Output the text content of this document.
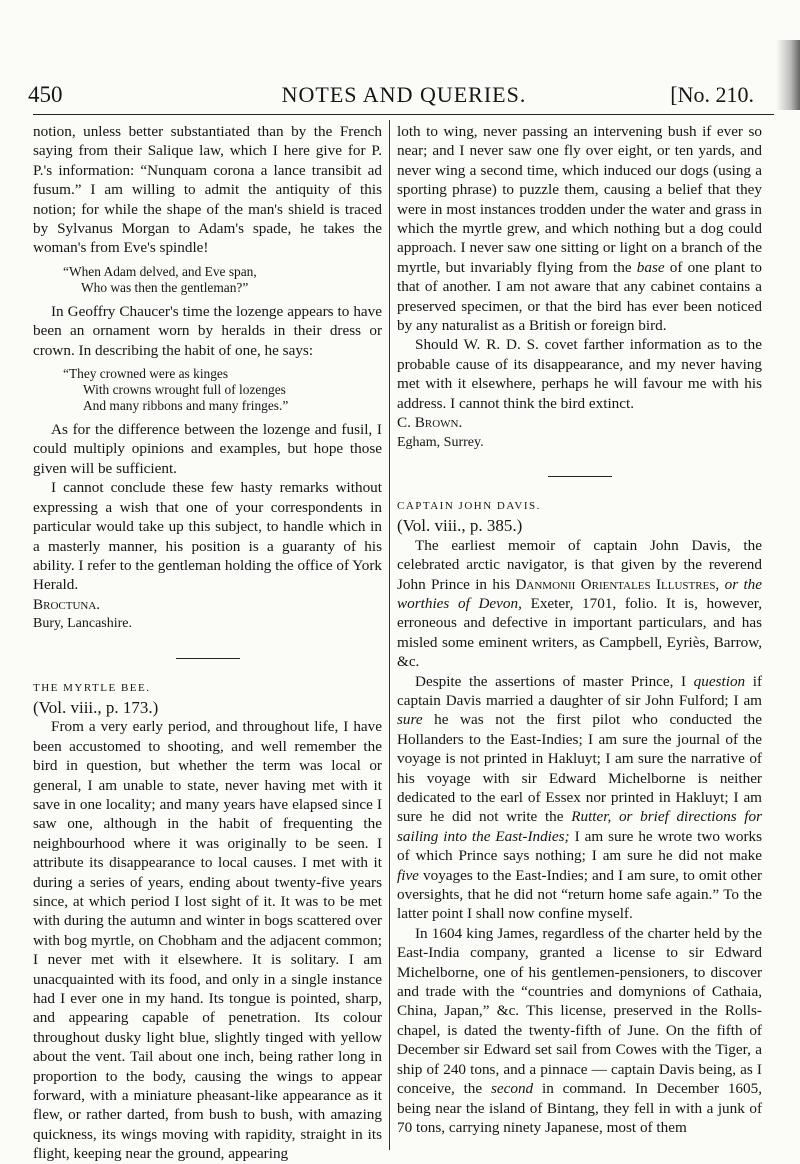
450	NOTES AND QUERIES.	[No. 210.

notion, unless better substantiated than by the French saying from their Salique law, which I here give for P. P.'s information: “Nunquam corona a lance transibit ad fusum.” I am willing to admit the antiquity of this notion; for while the shape of the man's shield is traced by Sylvanus Morgan to Adam's spade, he takes the woman's from Eve's spindle!

“When Adam delved, and Eve span,
Who was then the gentleman?”

In Geoffry Chaucer's time the lozenge appears to have been an ornament worn by heralds in their dress or crown. In describing the habit of one, he says:

“They crowned were as kinges
With crowns wrought full of lozenges
And many ribbons and many fringes.”

As for the difference between the lozenge and fusil, I could multiply opinions and examples, but hope those given will be sufficient.

I cannot conclude these few hasty remarks without expressing a wish that one of your correspondents in particular would take up this subject, to handle which in a masterly manner, his position is a guaranty of his ability. I refer to the gentleman holding the office of York Herald.

Broctuna.

Bury, Lancashire.

THE MYRTLE BEE.

(Vol. viii., p. 173.)

From a very early period, and throughout life, I have been accustomed to shooting, and well remember the bird in question, but whether the term was local or general, I am unable to state, never having met with it save in one locality; and many years have elapsed since I saw one, although in the habit of frequenting the neighbourhood where it was originally to be seen. I attribute its disappearance to local causes. I met with it during a series of years, ending about twenty-five years since, at which period I lost sight of it. It was to be met with during the autumn and winter in bogs scattered over with bog myrtle, on Chobham and the adjacent common; I never met with it elsewhere. It is solitary. I am unacquainted with its food, and only in a single instance had I ever one in my hand. Its tongue is pointed, sharp, and appearing capable of penetration. Its colour throughout dusky light blue, slightly tinged with yellow about the vent. Tail about one inch, being rather long in proportion to the body, causing the wings to appear forward, with a miniature pheasant-like appearance as it flew, or rather darted, from bush to bush, with amazing quickness, its wings moving with rapidity, straight in its flight, keeping near the ground, appearing

loth to wing, never passing an intervening bush if ever so near; and I never saw one fly over eight, or ten yards, and never wing a second time, which induced our dogs (using a sporting phrase) to puzzle them, causing a belief that they were in most instances trodden under the water and grass in which the myrtle grew, and which nothing but a dog could approach. I never saw one sitting or light on a branch of the myrtle, but invariably flying from the base of one plant to that of another. I am not aware that any cabinet contains a preserved specimen, or that the bird has ever been noticed by any naturalist as a British or foreign bird.

Should W. R. D. S. covet farther information as to the probable cause of its disappearance, and my never having met with it elsewhere, perhaps he will favour me with his address. I cannot think the bird extinct.

C. Brown.

Egham, Surrey.

CAPTAIN JOHN DAVIS.

(Vol. viii., p. 385.)

The earliest memoir of captain John Davis, the celebrated arctic navigator, is that given by the reverend John Prince in his Danmonii Orientales Illustres, or the worthies of Devon, Exeter, 1701, folio. It is, however, erroneous and defective in important particulars, and has misled some eminent writers, as Campbell, Eyriès, Barrow, &c.

Despite the assertions of master Prince, I question if captain Davis married a daughter of sir John Fulford; I am sure he was not the first pilot who conducted the Hollanders to the East-Indies; I am sure the journal of the voyage is not printed in Hakluyt; I am sure the narrative of his voyage with sir Edward Michelborne is neither dedicated to the earl of Essex nor printed in Hakluyt; I am sure he did not write the Rutter, or brief directions for sailing into the East-Indies; I am sure he wrote two works of which Prince says nothing; I am sure he did not make five voyages to the East-Indies; and I am sure, to omit other oversights, that he did not “return home safe again.” To the latter point I shall now confine myself.

In 1604 king James, regardless of the charter held by the East-India company, granted a license to sir Edward Michelborne, one of his gentlemen-pensioners, to discover and trade with the “countries and domynions of Cathaia, China, Japan,” &c. This license, preserved in the Rolls-chapel, is dated the twenty-fifth of June. On the fifth of December sir Edward set sail from Cowes with the Tiger, a ship of 240 tons, and a pinnace — captain Davis being, as I conceive, the second in command. In December 1605, being near the island of Bintang, they fell in with a junk of 70 tons, carrying ninety Japanese, most of them
